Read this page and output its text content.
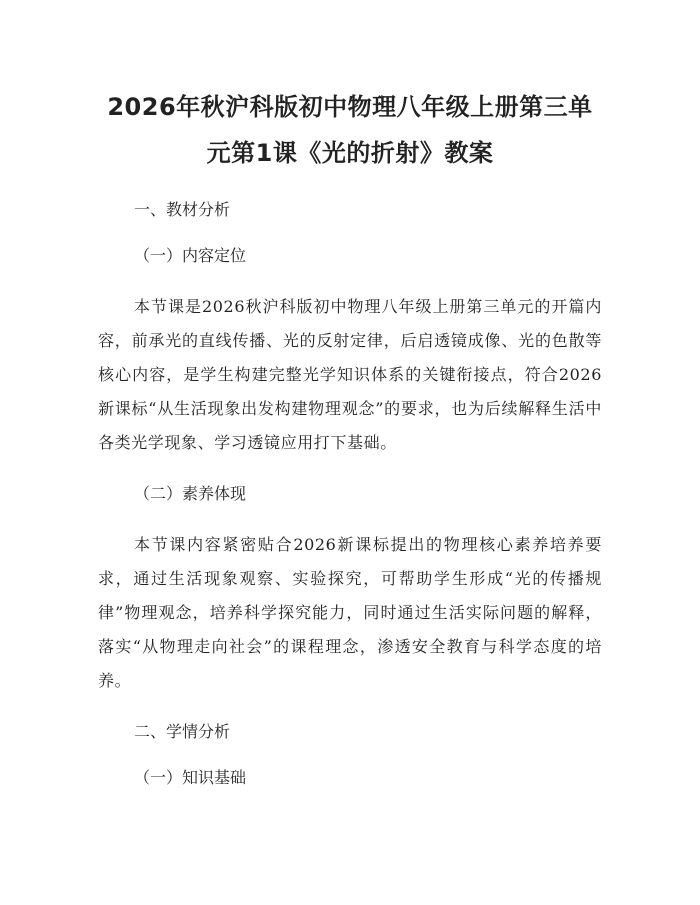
2026年秋沪科版初中物理八年级上册第三单
元第1课《光的折射》教案

一、教材分析

（一）内容定位

本节课是2026秋沪科版初中物理八年级上册第三单元的开篇内容，前承光的直线传播、光的反射定律，后启透镜成像、光的色散等核心内容，是学生构建完整光学知识体系的关键衔接点，符合2026新课标“从生活现象出发构建物理观念”的要求，也为后续解释生活中各类光学现象、学习透镜应用打下基础。

（二）素养体现

本节课内容紧密贴合2026新课标提出的物理核心素养培养要求，通过生活现象观察、实验探究，可帮助学生形成“光的传播规律”物理观念，培养科学探究能力，同时通过生活实际问题的解释，落实“从物理走向社会”的课程理念，渗透安全教育与科学态度的培养。

二、学情分析

（一）知识基础
